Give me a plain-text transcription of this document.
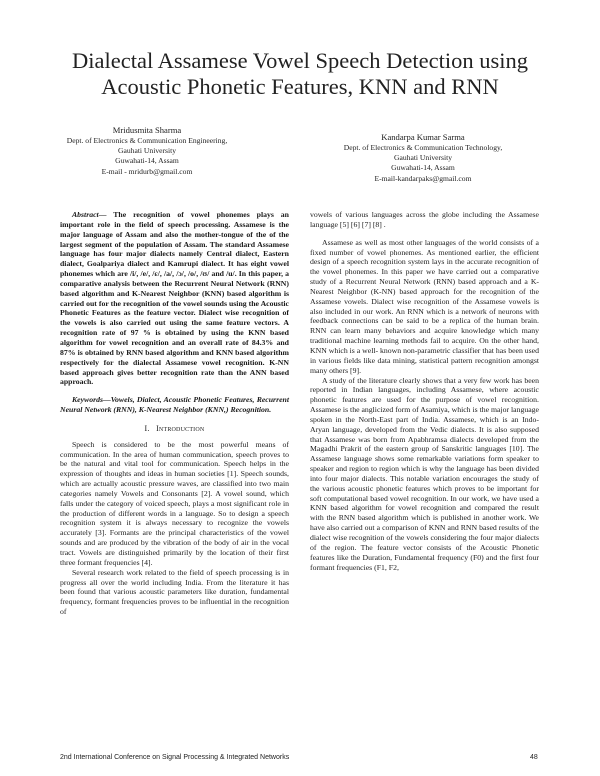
Dialectal Assamese Vowel Speech Detection using
Acoustic Phonetic Features, KNN and RNN
Mridusmita Sharma
Dept. of Electronics & Communication Engineering, Gauhati University
Guwahati-14, Assam
E-mail - mridurb@gmail.com
Kandarpa Kumar Sarma
Dept. of Electronics & Communication Technology, Gauhati University
Guwahati-14, Assam
E-mail-kandarpaks@gmail.com

Abstract— The recognition of vowel phonemes plays an important role in the field of speech processing. Assamese is the major language of Assam and also the mother-tongue of the of the largest segment of the population of Assam. The standard Assamese language has four major dialects namely Central dialect, Eastern dialect, Goalpariya dialect and Kamrupi dialect. It has eight vowel phonemes which are /i/, /e/, /ɛ/, /a/, /ɔ/, /o/, /ʊ/ and /u/. In this paper, a comparative analysis between the Recurrent Neural Network (RNN) based algorithm and K-Nearest Neighbor (KNN) based algorithm is carried out for the recognition of the vowel sounds using the Acoustic Phonetic Features as the feature vector. Dialect wise recognition of the vowels is also carried out using the same feature vectors. A recognition rate of 97 % is obtained by using the KNN based algorithm for vowel recognition and an overall rate of 84.3% and 87% is obtained by RNN based algorithm and KNN based algorithm respectively for the dialectal Assamese vowel recognition. K-NN based approach gives better recognition rate than the ANN based approach.

Keywords—Vowels, Dialect, Acoustic Phonetic Features, Recurrent Neural Network (RNN), K-Nearest Neighbor (KNN,) Recognition.

I. Introduction

Speech is considered to be the most powerful means of communication. In the area of human communication, speech proves to be the natural and vital tool for communication. Speech helps in the expression of thoughts and ideas in human societies [1]. Speech sounds, which are actually acoustic pressure waves, are classified into two main categories namely Vowels and Consonants [2]. A vowel sound, which falls under the category of voiced speech, plays a most significant role in the production of different words in a language. So to design a speech recognition system it is always necessary to recognize the vowels accurately [3]. Formants are the principal characteristics of the vowel sounds and are produced by the vibration of the body of air in the vocal tract. Vowels are distinguished primarily by the location of their first three formant frequencies [4].

Several research work related to the field of speech processing is in progress all over the world including India. From the literature it has been found that various acoustic parameters like duration, fundamental frequency, formant frequencies proves to be influential in the recognition of

vowels of various languages across the globe including the Assamese language [5] [6] [7] [8] .

Assamese as well as most other languages of the world consists of a fixed number of vowel phonemes. As mentioned earlier, the efficient design of a speech recognition system lays in the accurate recognition of the vowel phonemes. In this paper we have carried out a comparative study of a Recurrent Neural Network (RNN) based approach and a K- Nearest Neighbor (K-NN) based approach for the recognition of the Assamese vowels. Dialect wise recognition of the Assamese vowels is also included in our work. An RNN which is a network of neurons with feedback connections can be said to be a replica of the human brain. RNN can learn many behaviors and acquire knowledge which many traditional machine learning methods fail to acquire. On the other hand, KNN which is a well- known non-parametric classifier that has been used in various fields like data mining, statistical pattern recognition amongst many others [9].

A study of the literature clearly shows that a very few work has been reported in Indian languages, including Assamese, where acoustic phonetic features are used for the purpose of vowel recognition. Assamese is the anglicized form of Asamiya, which is the major language spoken in the North-East part of India. Assamese, which is an Indo-Aryan language, developed from the Vedic dialects. It is also supposed that Assamese was born from Apabhramsa dialects developed from the Magadhi Prakrit of the eastern group of Sanskritic languages [10]. The Assamese language shows some remarkable variations form speaker to speaker and region to region which is why the language has been divided into four major dialects. This notable variation encourages the study of the various acoustic phonetic features which proves to be important for soft computational based vowel recognition. In our work, we have used a KNN based algorithm for vowel recognition and compared the result with the RNN based algorithm which is published in another work. We have also carried out a comparison of KNN and RNN based results of the dialect wise recognition of the vowels considering the four major dialects of the region. The feature vector consists of the Acoustic Phonetic features like the Duration, Fundamental frequency (F0) and the first four formant frequencies (F1, F2,

2nd International Conference on Signal Processing & Integrated Networks	48
